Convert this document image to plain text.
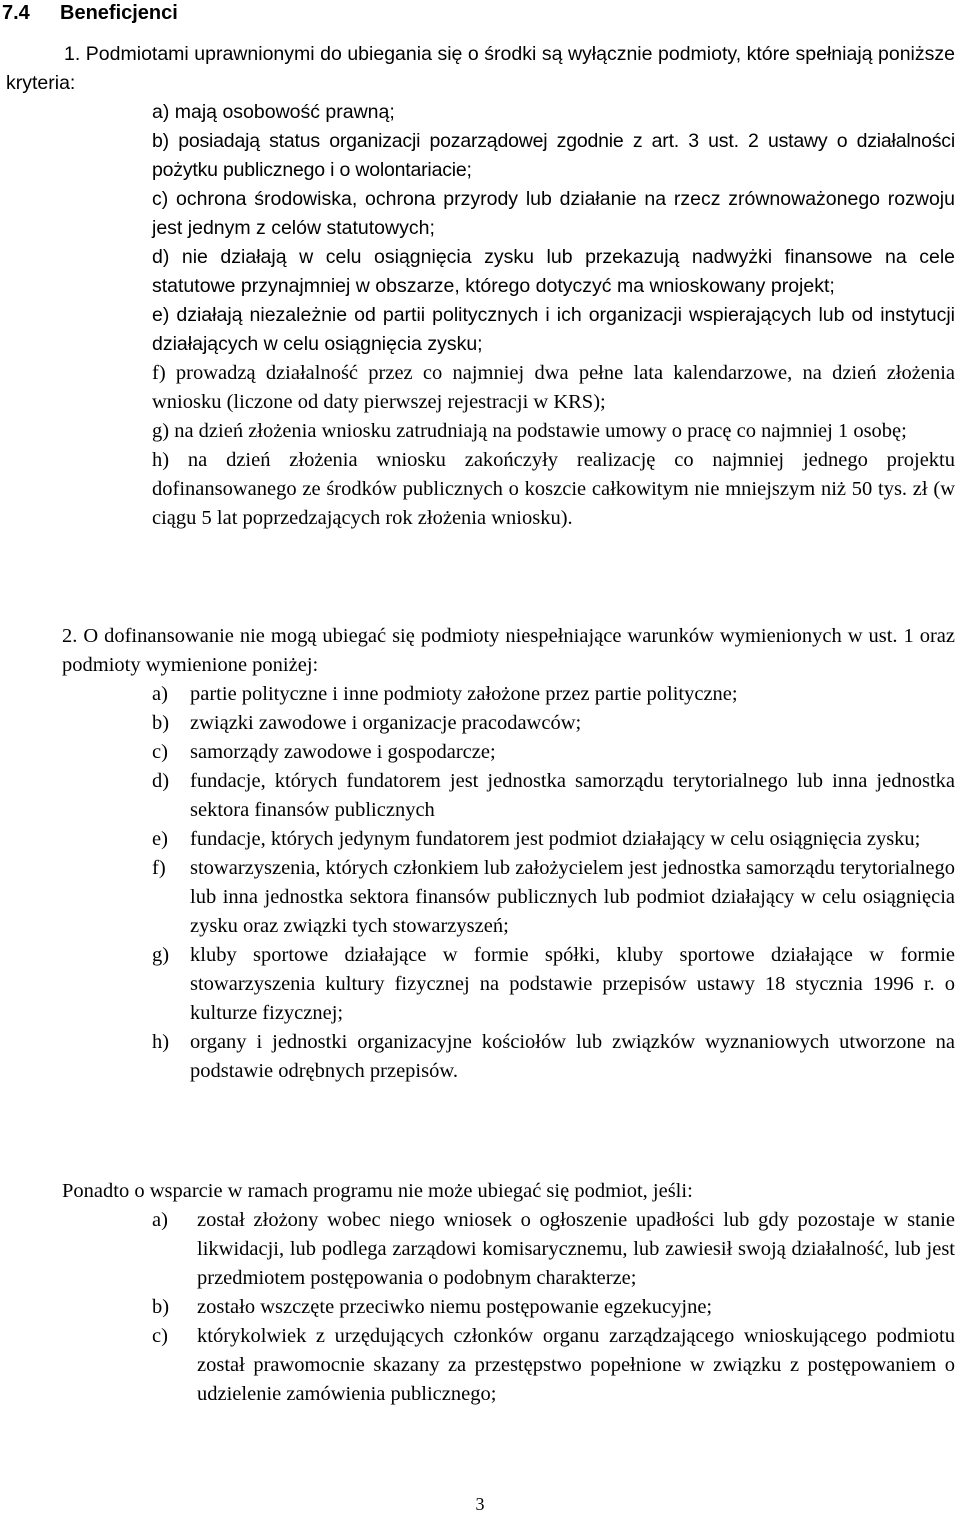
7.4 Beneficjenci

1. Podmiotami uprawnionymi do ubiegania się o środki są wyłącznie podmioty, które spełniają poniższe kryteria:

a) mają osobowość prawną;

b) posiadają status organizacji pozarządowej zgodnie z art. 3 ust. 2 ustawy o działalności pożytku publicznego i o wolontariacie;

c) ochrona środowiska, ochrona przyrody lub działanie na rzecz zrównoważonego rozwoju jest jednym z celów statutowych;

d) nie działają w celu osiągnięcia zysku lub przekazują nadwyżki finansowe na cele statutowe przynajmniej w obszarze, którego dotyczyć ma wnioskowany projekt;

e) działają niezależnie od partii politycznych i ich organizacji wspierających lub od instytucji działających w celu osiągnięcia zysku;

f) prowadzą działalność przez co najmniej dwa pełne lata kalendarzowe, na dzień złożenia wniosku (liczone od daty pierwszej rejestracji w KRS);

g) na dzień złożenia wniosku zatrudniają na podstawie umowy o pracę co najmniej 1 osobę;

h) na dzień złożenia wniosku zakończyły realizację co najmniej jednego projektu dofinansowanego ze środków publicznych o koszcie całkowitym nie mniejszym niż 50 tys. zł (w ciągu 5 lat poprzedzających rok złożenia wniosku).

2. O dofinansowanie nie mogą ubiegać się podmioty niespełniające warunków wymienionych w ust. 1 oraz podmioty wymienione poniżej:

a) partie polityczne i inne podmioty założone przez partie polityczne;

b) związki zawodowe i organizacje pracodawców;

c) samorządy zawodowe i gospodarcze;

d) fundacje, których fundatorem jest jednostka samorządu terytorialnego lub inna jednostka sektora finansów publicznych

e) fundacje, których jedynym fundatorem jest podmiot działający w celu osiągnięcia zysku;

f) stowarzyszenia, których członkiem lub założycielem jest jednostka samorządu terytorialnego lub inna jednostka sektora finansów publicznych lub podmiot działający w celu osiągnięcia zysku oraz związki tych stowarzyszeń;

g) kluby sportowe działające w formie spółki, kluby sportowe działające w formie stowarzyszenia kultury fizycznej na podstawie przepisów ustawy 18 stycznia 1996 r. o kulturze fizycznej;

h) organy i jednostki organizacyjne kościołów lub związków wyznaniowych utworzone na podstawie odrębnych przepisów.

Ponadto o wsparcie w ramach programu nie może ubiegać się podmiot, jeśli:

a) został złożony wobec niego wniosek o ogłoszenie upadłości lub gdy pozostaje w stanie likwidacji, lub podlega zarządowi komisarycznemu, lub zawiesił swoją działalność, lub jest przedmiotem postępowania o podobnym charakterze;

b) zostało wszczęte przeciwko niemu postępowanie egzekucyjne;

c) którykolwiek z urzędujących członków organu zarządzającego wnioskującego podmiotu został prawomocnie skazany za przestępstwo popełnione w związku z postępowaniem o udzielenie zamówienia publicznego;

3
